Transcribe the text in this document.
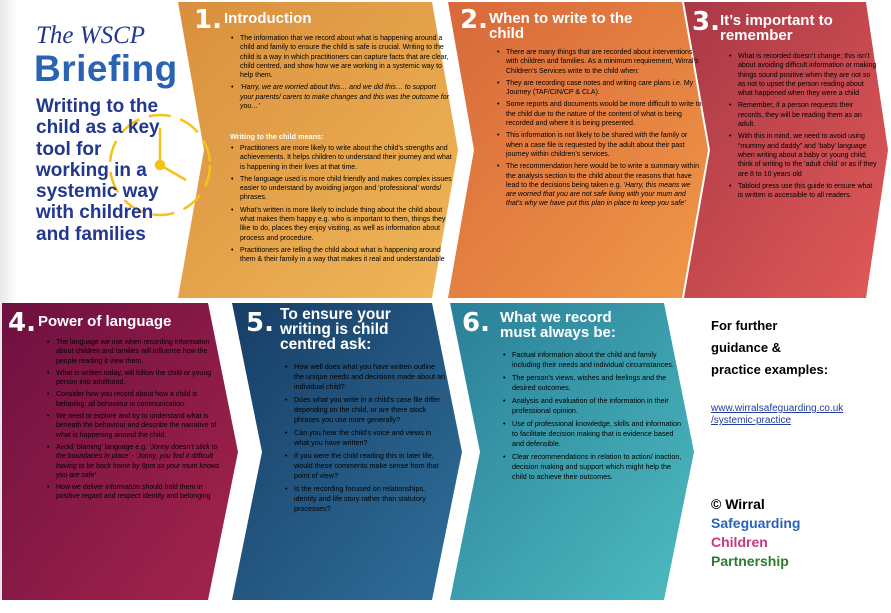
The WSCP
Briefing
Writing to the
child as a key
tool for
working in a
systemic way
with children
and families
1. Introduction
• The information that we record about what is happening around a child and family to ensure the child is safe is crucial. Writing to the child is a way in which practitioners can capture facts that are clear, child centred, and show how we are working in a systemic way to help them.
• ‘Harry, we are worried about this… and we did this… to support your parents/ carers to make changes and this was the outcome for you…’
Writing to the child means:
• Practitioners are more likely to write about the child’s strengths and achievements. It helps children to understand their journey and what is happening in their lives at that time.
• The language used is more child friendly and makes complex issues easier to understand by avoiding jargon and ‘professional’ words/ phrases.
• What’s written is more likely to include thing about the child about what makes them happy e.g. who is important to them, things they like to do, places they enjoy visiting, as well as information about process and procedure.
• Practitioners are telling the child about what is happening around them & their family in a way that makes it real and understandable
2. When to write to the
child
• There are many things that are recorded about interventions with children and families. As a minimum requirement, Wirral’s Children’s Services write to the child when:
• They are recording case notes and writing care plans i.e. My Journey (TAF/CIN/CP & CLA).
• Some reports and documents would be more difficult to write to the child due to the nature of the content of what is being recorded and where it is being presented.
• This information is not likely to be shared with the family or when a case file is requested by the adult about their past journey within children’s services.
• The recommendation here would be to write a summary within the analysis section to the child about the reasons that have lead to the decisions being taken e.g. ‘Harry, this means we are worried that you are not safe living with your mum and that’s why we have put this plan in place to keep you safe’
3. It’s important to
remember
• What is recorded doesn’t change; this isn’t about avoiding difficult information or making things sound positive when they are not so as not to upset the person reading about what happened when they were a child
• Remember, if a person requests their records, they will be reading them as an adult.
• With this in mind, we need to avoid using “mummy and daddy” and ‘baby’ language when writing about a baby or young child; think of writing to the ‘adult child’ or as if they are 8 to 10 years old
• Tabloid press use this guide to ensure what is written is accessible to all readers.
4. Power of language
• The language we use when recording information about children and families will influence how the people reading it view them.
• What is written today, will follow the child or young person into adulthood.
• Consider how you record about how a child is behaving; all behaviour is communication.
• We need to explore and try to understand what is beneath the behaviour and describe the narrative of what is happening around the child.
• Avoid ‘blaming’ language e.g. ‘Jonny doesn’t stick to the boundaries in place’ - ‘Jonny, you find it difficult having to be back home by 9pm so your mum knows you are safe’
• How we deliver information should hold them in positive regard and respect identity and belonging
5. To ensure your
writing is child
centred ask:
• How well does what you have written outline the unique needs and decisions made about an individual child?
• Does what you write in a child’s case file differ depending on the child, or are there stock phrases you use more generally?
• Can you hear the child’s voice and views in what you have written?
• If you were the child reading this in later life, would these comments make sense from that point of view?
• Is the recording focused on relationships, identity and life story rather than statutory processes?
6. What we record
must always be:
• Factual information about the child and family including their needs and individual circumstances.
• The person’s views, wishes and feelings and the desired outcomes.
• Analysis and evaluation of the information in their professional opinion.
• Use of professional knowledge, skills and information to facilitate decision making that is evidence based and defensible.
• Clear recommendations in relation to action/ inaction, decision making and support which might help the child to achieve their outcomes.
For further
guidance &
practice examples:
www.wirralsafeguarding.co.uk
/systemic-practice
© Wirral
Safeguarding
Children
Partnership
